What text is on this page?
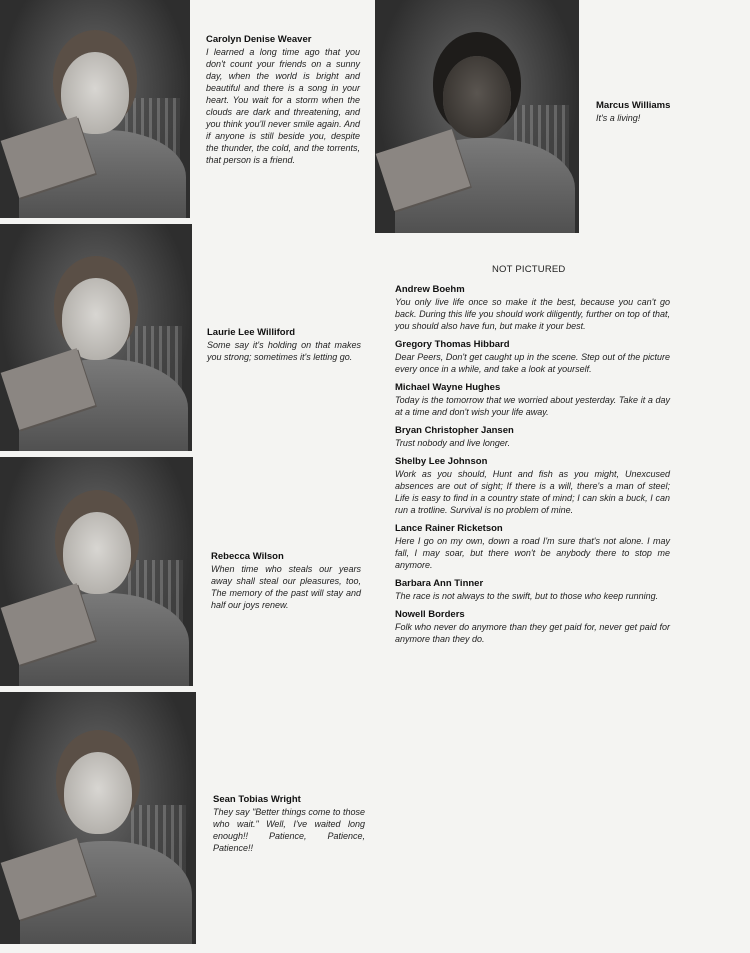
Carolyn Denise Weaver
I learned a long time ago that you don't count your friends on a sunny day, when the world is bright and beautiful and there is a song in your heart. You wait for a storm when the clouds are dark and threatening, and you think you'll never smile again. And if anyone is still beside you, despite the thunder, the cold, and the torrents, that person is a friend.
Marcus Williams
It's a living!
Laurie Lee Williford
Some say it's holding on that makes you strong; sometimes it's letting go.
Rebecca Wilson
When time who steals our years away shall steal our pleasures, too, The memory of the past will stay and half our joys renew.
Sean Tobias Wright
They say "Better things come to those who wait." Well, I've waited long enough!! Patience, Patience, Patience!!
NOT PICTURED
Andrew Boehm
You only live life once so make it the best, because you can't go back. During this life you should work diligently, further on top of that, you should also have fun, but make it your best.
Gregory Thomas Hibbard
Dear Peers, Don't get caught up in the scene. Step out of the picture every once in a while, and take a look at yourself.
Michael Wayne Hughes
Today is the tomorrow that we worried about yesterday. Take it a day at a time and don't wish your life away.
Bryan Christopher Jansen
Trust nobody and live longer.
Shelby Lee Johnson
Work as you should, Hunt and fish as you might, Unexcused absences are out of sight; If there is a will, there's a man of steel; Life is easy to find in a country state of mind; I can skin a buck, I can run a trotline. Survival is no problem of mine.
Lance Rainer Ricketson
Here I go on my own, down a road I'm sure that's not alone. I may fall, I may soar, but there won't be anybody there to stop me anymore.
Barbara Ann Tinner
The race is not always to the swift, but to those who keep running.
Nowell Borders
Folk who never do anymore than they get paid for, never get paid for anymore than they do.
